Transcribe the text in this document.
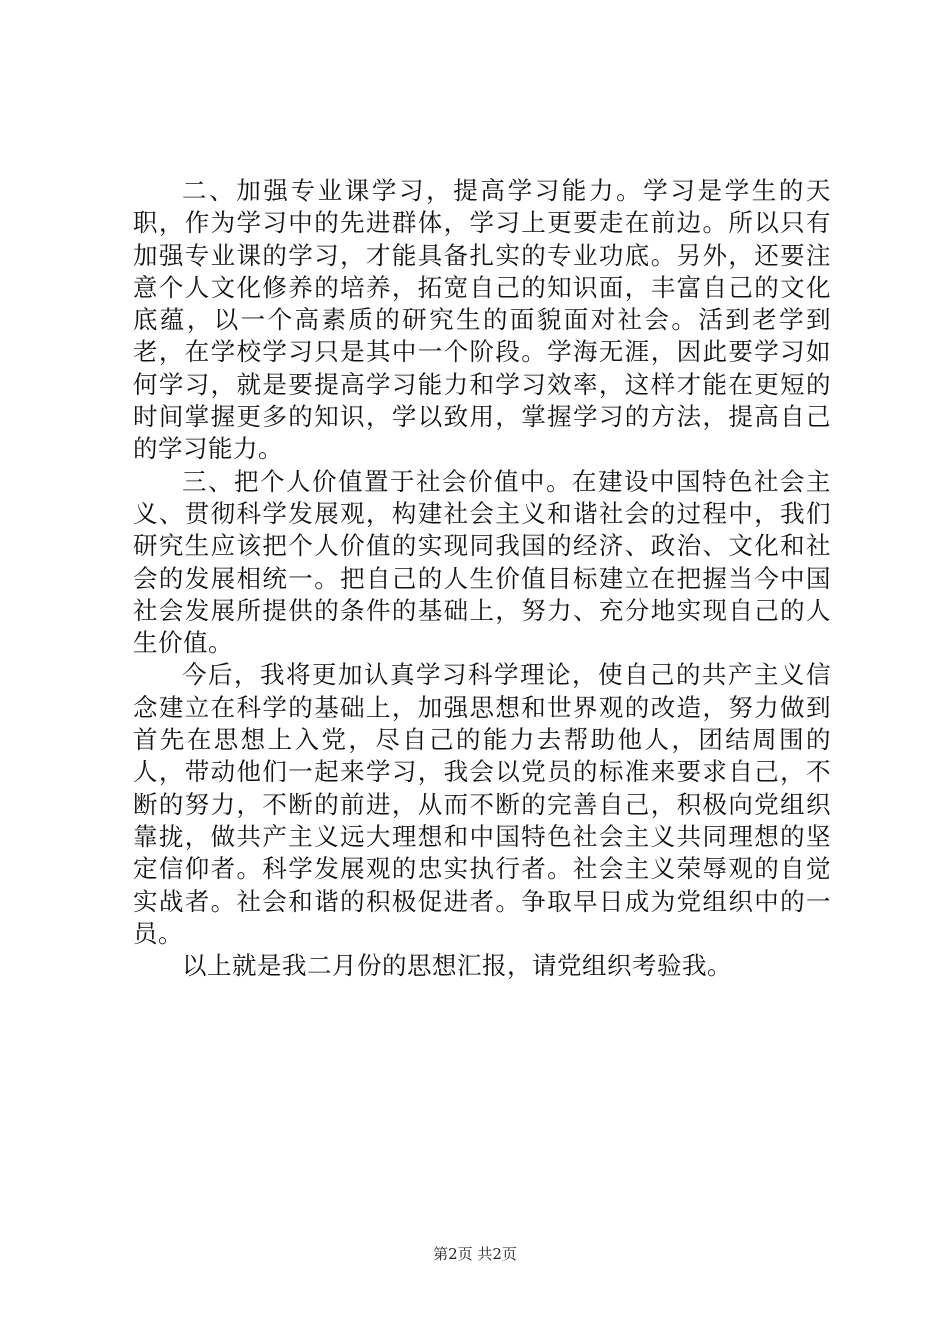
二、加强专业课学习，提高学习能力。学习是学生的天职，作为学习中的先进群体，学习上更要走在前边。所以只有加强专业课的学习，才能具备扎实的专业功底。另外，还要注意个人文化修养的培养，拓宽自己的知识面，丰富自己的文化底蕴，以一个高素质的研究生的面貌面对社会。活到老学到老，在学校学习只是其中一个阶段。学海无涯，因此要学习如何学习，就是要提高学习能力和学习效率，这样才能在更短的时间掌握更多的知识，学以致用，掌握学习的方法，提高自己的学习能力。

三、把个人价值置于社会价值中。在建设中国特色社会主义、贯彻科学发展观，构建社会主义和谐社会的过程中，我们研究生应该把个人价值的实现同我国的经济、政治、文化和社会的发展相统一。把自己的人生价值目标建立在把握当今中国社会发展所提供的条件的基础上，努力、充分地实现自己的人生价值。

今后，我将更加认真学习科学理论，使自己的共产主义信念建立在科学的基础上，加强思想和世界观的改造，努力做到首先在思想上入党，尽自己的能力去帮助他人，团结周围的人，带动他们一起来学习，我会以党员的标准来要求自己，不断的努力，不断的前进，从而不断的完善自己，积极向党组织靠拢，做共产主义远大理想和中国特色社会主义共同理想的坚定信仰者。科学发展观的忠实执行者。社会主义荣辱观的自觉实战者。社会和谐的积极促进者。争取早日成为党组织中的一员。

以上就是我二月份的思想汇报，请党组织考验我。

第2页 共2页
